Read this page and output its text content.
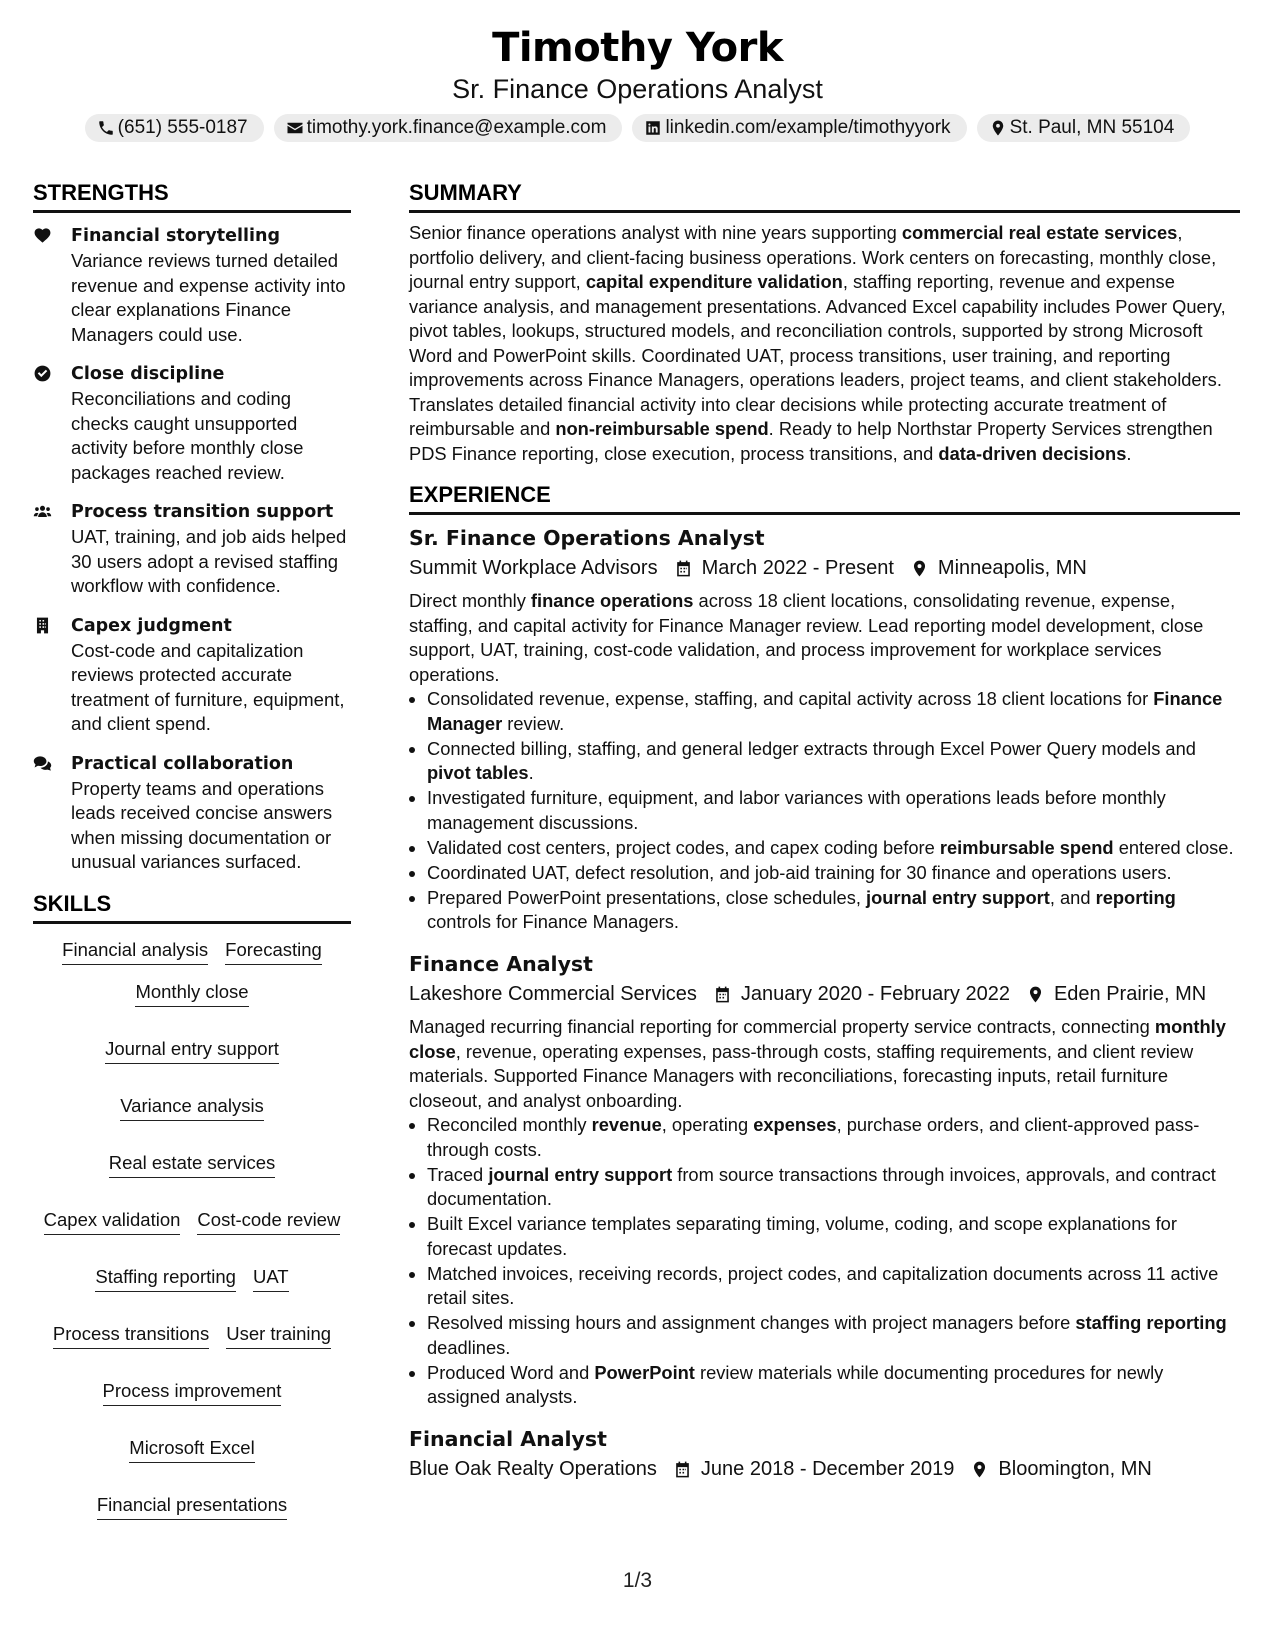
Timothy York
Sr. Finance Operations Analyst
(651) 555-0187	timothy.york.finance@example.com	linkedin.com/example/timothyyork	St. Paul, MN 55104
STRENGTHS
Financial storytelling
Variance reviews turned detailed revenue and expense activity into clear explanations Finance Managers could use.
Close discipline
Reconciliations and coding checks caught unsupported activity before monthly close packages reached review.
Process transition support
UAT, training, and job aids helped 30 users adopt a revised staffing workflow with confidence.
Capex judgment
Cost-code and capitalization reviews protected accurate treatment of furniture, equipment, and client spend.
Practical collaboration
Property teams and operations leads received concise answers when missing documentation or unusual variances surfaced.
SKILLS
Financial analysis Forecasting
Monthly close
Journal entry support
Variance analysis
Real estate services
Capex validation Cost-code review
Staffing reporting UAT
Process transitions User training
Process improvement
Microsoft Excel
Financial presentations
SUMMARY
Senior finance operations analyst with nine years supporting commercial real estate services, portfolio delivery, and client-facing business operations. Work centers on forecasting, monthly close, journal entry support, capital expenditure validation, staffing reporting, revenue and expense variance analysis, and management presentations. Advanced Excel capability includes Power Query, pivot tables, lookups, structured models, and reconciliation controls, supported by strong Microsoft Word and PowerPoint skills. Coordinated UAT, process transitions, user training, and reporting improvements across Finance Managers, operations leaders, project teams, and client stakeholders. Translates detailed financial activity into clear decisions while protecting accurate treatment of reimbursable and non-reimbursable spend. Ready to help Northstar Property Services strengthen PDS Finance reporting, close execution, process transitions, and data-driven decisions.
EXPERIENCE
Sr. Finance Operations Analyst
Summit Workplace Advisors March 2022 - Present Minneapolis, MN
Direct monthly finance operations across 18 client locations, consolidating revenue, expense, staffing, and capital activity for Finance Manager review. Lead reporting model development, close support, UAT, training, cost-code validation, and process improvement for workplace services operations.
• Consolidated revenue, expense, staffing, and capital activity across 18 client locations for Finance Manager review.
• Connected billing, staffing, and general ledger extracts through Excel Power Query models and pivot tables.
• Investigated furniture, equipment, and labor variances with operations leads before monthly management discussions.
• Validated cost centers, project codes, and capex coding before reimbursable spend entered close.
• Coordinated UAT, defect resolution, and job-aid training for 30 finance and operations users.
• Prepared PowerPoint presentations, close schedules, journal entry support, and reporting controls for Finance Managers.
Finance Analyst
Lakeshore Commercial Services January 2020 - February 2022 Eden Prairie, MN
Managed recurring financial reporting for commercial property service contracts, connecting monthly close, revenue, operating expenses, pass-through costs, staffing requirements, and client review materials. Supported Finance Managers with reconciliations, forecasting inputs, retail furniture closeout, and analyst onboarding.
• Reconciled monthly revenue, operating expenses, purchase orders, and client-approved pass-through costs.
• Traced journal entry support from source transactions through invoices, approvals, and contract documentation.
• Built Excel variance templates separating timing, volume, coding, and scope explanations for forecast updates.
• Matched invoices, receiving records, project codes, and capitalization documents across 11 active retail sites.
• Resolved missing hours and assignment changes with project managers before staffing reporting deadlines.
• Produced Word and PowerPoint review materials while documenting procedures for newly assigned analysts.
Financial Analyst
Blue Oak Realty Operations June 2018 - December 2019 Bloomington, MN
1/3
